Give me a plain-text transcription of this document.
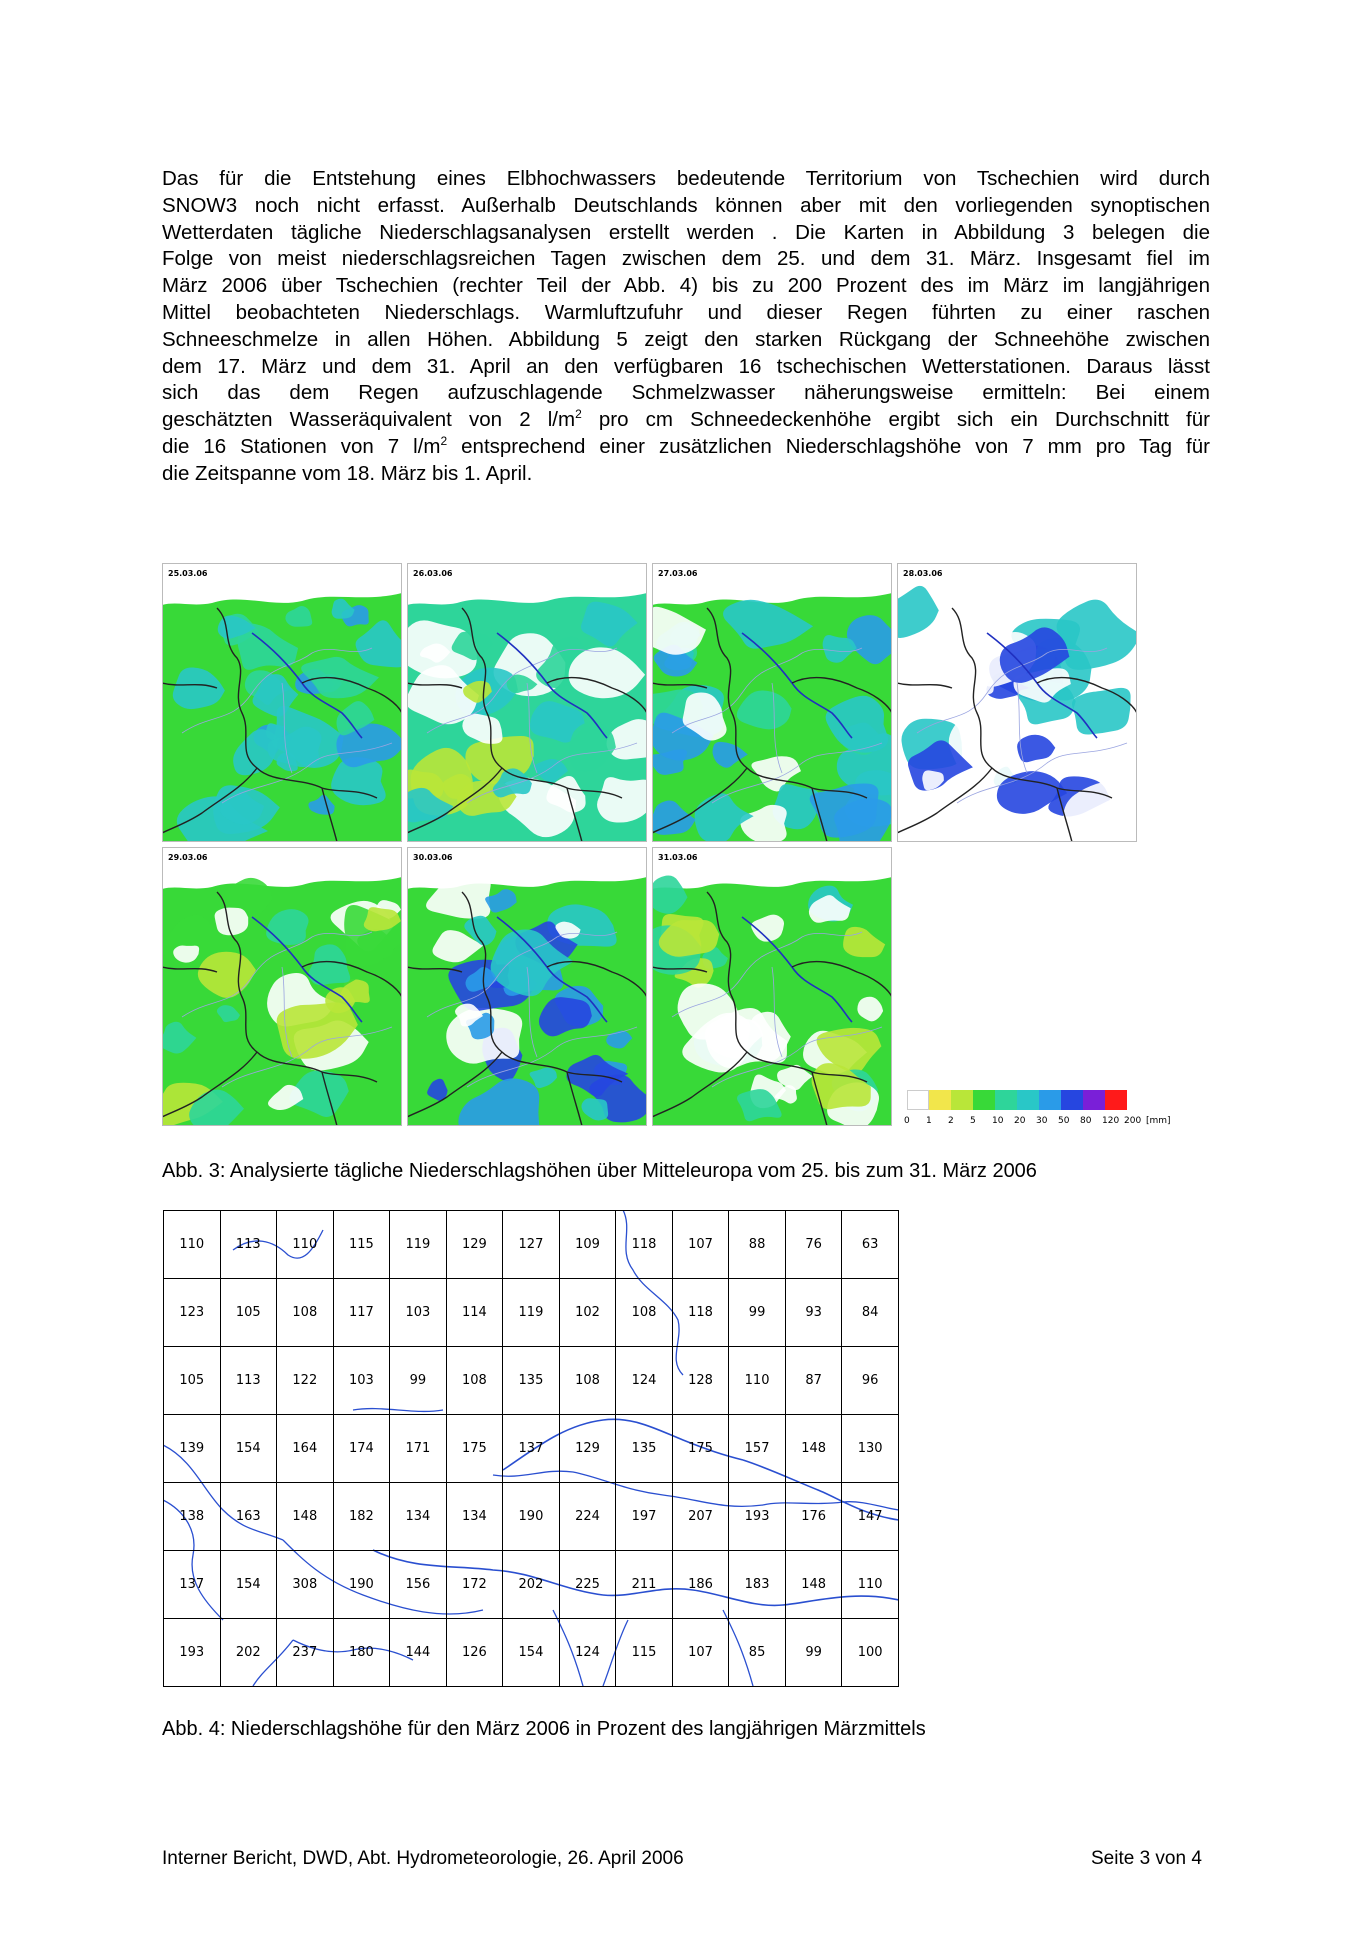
Das für die Entstehung eines Elbhochwassers bedeutende Territorium von Tschechien wird durch
SNOW3 noch nicht erfasst. Außerhalb Deutschlands können aber mit den vorliegenden synoptischen
Wetterdaten tägliche Niederschlagsanalysen erstellt werden . Die Karten in Abbildung 3 belegen die
Folge von meist niederschlagsreichen Tagen zwischen dem 25. und dem 31. März. Insgesamt fiel im
März 2006 über Tschechien (rechter Teil der Abb. 4) bis zu 200 Prozent des im März im langjährigen
Mittel beobachteten Niederschlags. Warmluftzufuhr und dieser Regen führten zu einer raschen
Schneeschmelze in allen Höhen. Abbildung 5 zeigt den starken Rückgang der Schneehöhe zwischen
dem 17. März und dem 31. April an den verfügbaren 16 tschechischen Wetterstationen. Daraus lässt
sich das dem Regen aufzuschlagende Schmelzwasser näherungsweise ermitteln: Bei einem
geschätzten Wasseräquivalent von 2 $l/m^2$ pro cm Schneedeckenhöhe ergibt sich ein Durchschnitt für
die 16 Stationen von 7 $l/m^2$ entsprechend einer zusätzlichen Niederschlagshöhe von 7 mm pro Tag für
die Zeitspanne vom 18. März bis 1. April.
25.03.06	26.03.06	27.03.06	28.03.06
29.03.06	30.03.06	31.03.06
0 1 2 5 10 20 30 50 80 120 200 [mm]

Abb. 3: Analysierte tägliche Niederschlagshöhen über Mitteleuropa vom 25. bis zum 31. März 2006

110	113	110	115	119	129	127	109	118	107	88	76	63
123	105	108	117	103	114	119	102	108	118	99	93	84
105	113	122	103	99	108	135	108	124	128	110	87	96
139	154	164	174	171	175	137	129	135	175	157	148	130
138	163	148	182	134	134	190	224	197	207	193	176	147
137	154	308	190	156	172	202	225	211	186	183	148	110
193	202	237	180	144	126	154	124	115	107	85	99	100

Abb. 4: Niederschlagshöhe für den März 2006 in Prozent des langjährigen Märzmittels

Interner Bericht, DWD, Abt. Hydrometeorologie, 26. April 2006	Seite 3 von 4
